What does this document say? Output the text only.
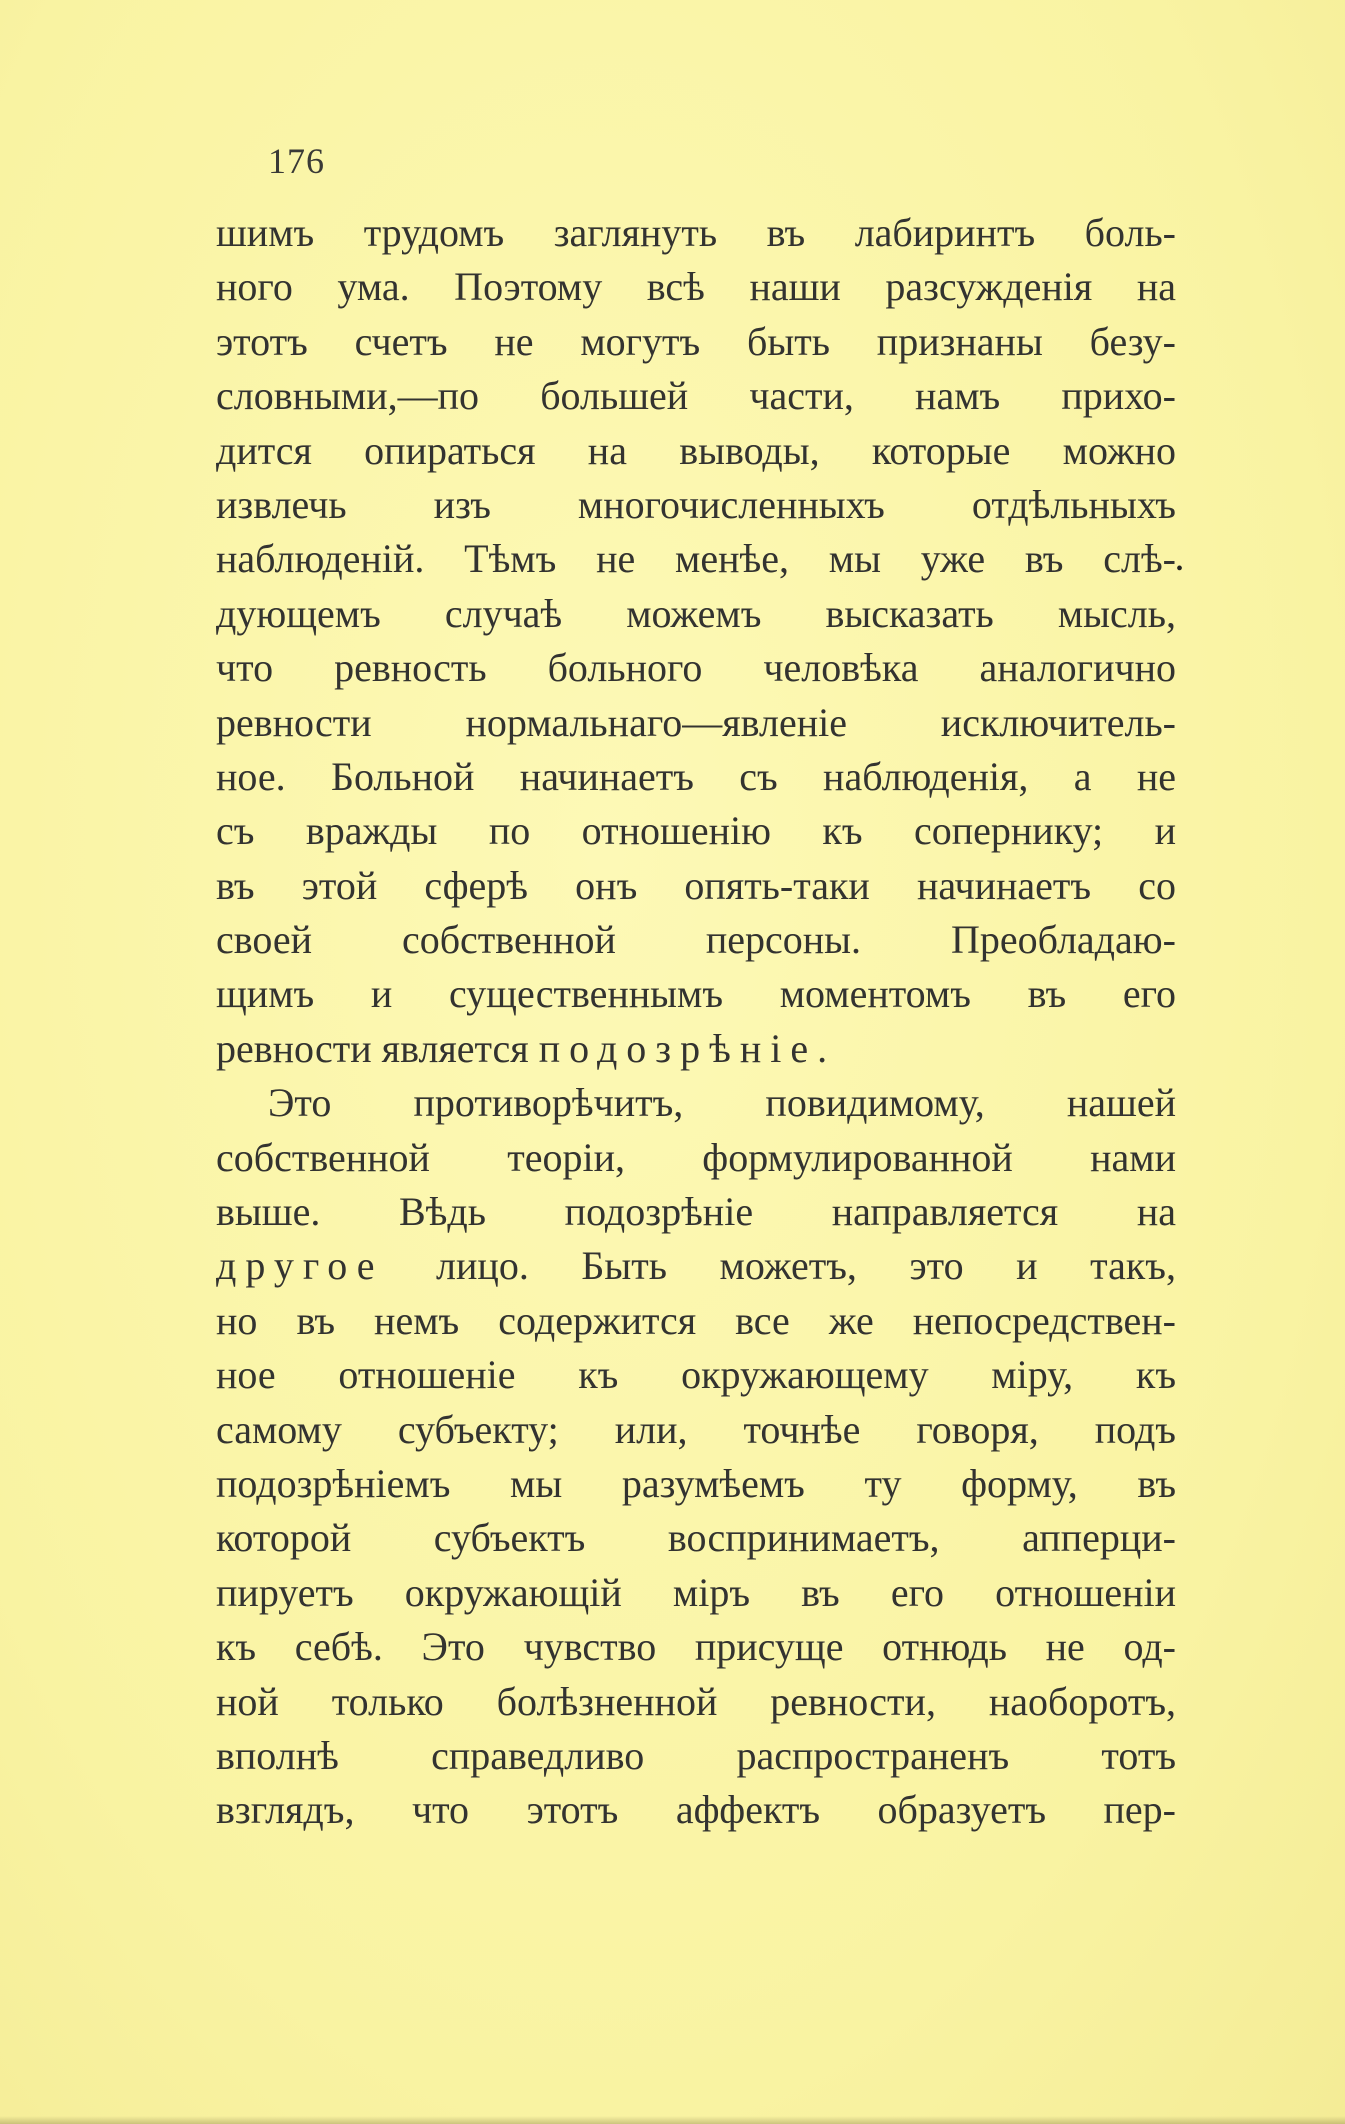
176
•
шимъ трудомъ заглянуть въ лабиринтъ боль-
ного ума. Поэтому всѣ наши разсужденія на
этотъ счетъ не могутъ быть признаны безу-
словными,—по большей части, намъ прихо-
дится опираться на выводы, которые можно
извлечь изъ многочисленныхъ отдѣльныхъ
наблюденій. Тѣмъ не менѣе, мы уже въ слѣ-
дующемъ случаѣ можемъ высказать мысль,
что ревность больного человѣка аналогично
ревности нормальнаго—явленіе исключитель-
ное. Больной начинаетъ съ наблюденія, а не
съ вражды по отношенію къ сопернику; и
въ этой сферѣ онъ опять-таки начинаетъ со
своей собственной персоны. Преобладаю-
щимъ и существеннымъ моментомъ въ его
ревности является подозрѣніе.
Это противорѣчитъ, повидимому, нашей
собственной теоріи, формулированной нами
выше. Вѣдь подозрѣніе направляется на
другое лицо. Быть можетъ, это и такъ,
но въ немъ содержится все же непосредствен-
ное отношеніе къ окружающему міру, къ
самому субъекту; или, точнѣе говоря, подъ
подозрѣніемъ мы разумѣемъ ту форму, въ
которой субъектъ воспринимаетъ, апперци-
пируетъ окружающій міръ въ его отношеніи
къ себѣ. Это чувство присуще отнюдь не од-
ной только болѣзненной ревности, наоборотъ,
вполнѣ справедливо распространенъ тотъ
взглядъ, что этотъ аффектъ образуетъ пер-
